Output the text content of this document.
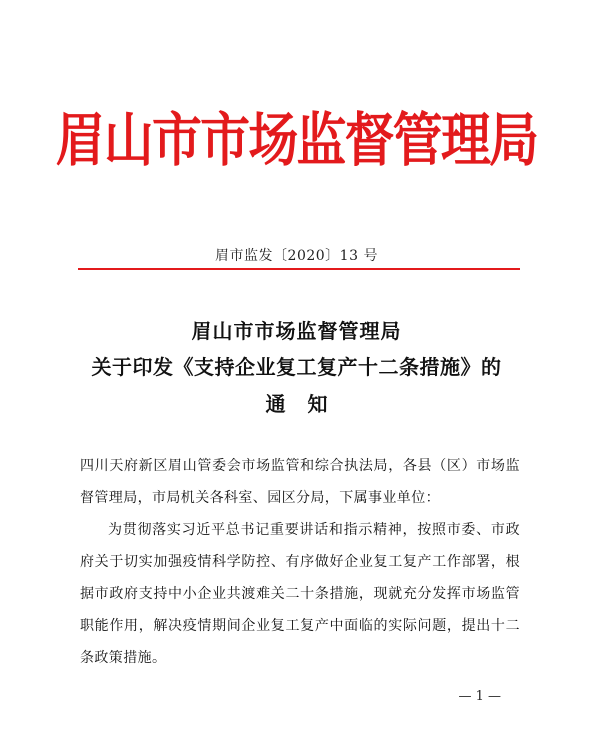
眉山市市场监督管理局
眉市监发〔2020〕13 号
眉山市市场监督管理局
关于印发《支持企业复工复产十二条措施》的
通知
四川天府新区眉山管委会市场监管和综合执法局，各县（区）市场监督管理局，市局机关各科室、园区分局，下属事业单位：
为贯彻落实习近平总书记重要讲话和指示精神，按照市委、市政府关于切实加强疫情科学防控、有序做好企业复工复产工作部署，根据市政府支持中小企业共渡难关二十条措施，现就充分发挥市场监管职能作用，解决疫情期间企业复工复产中面临的实际问题，提出十二条政策措施。
— 1 —
